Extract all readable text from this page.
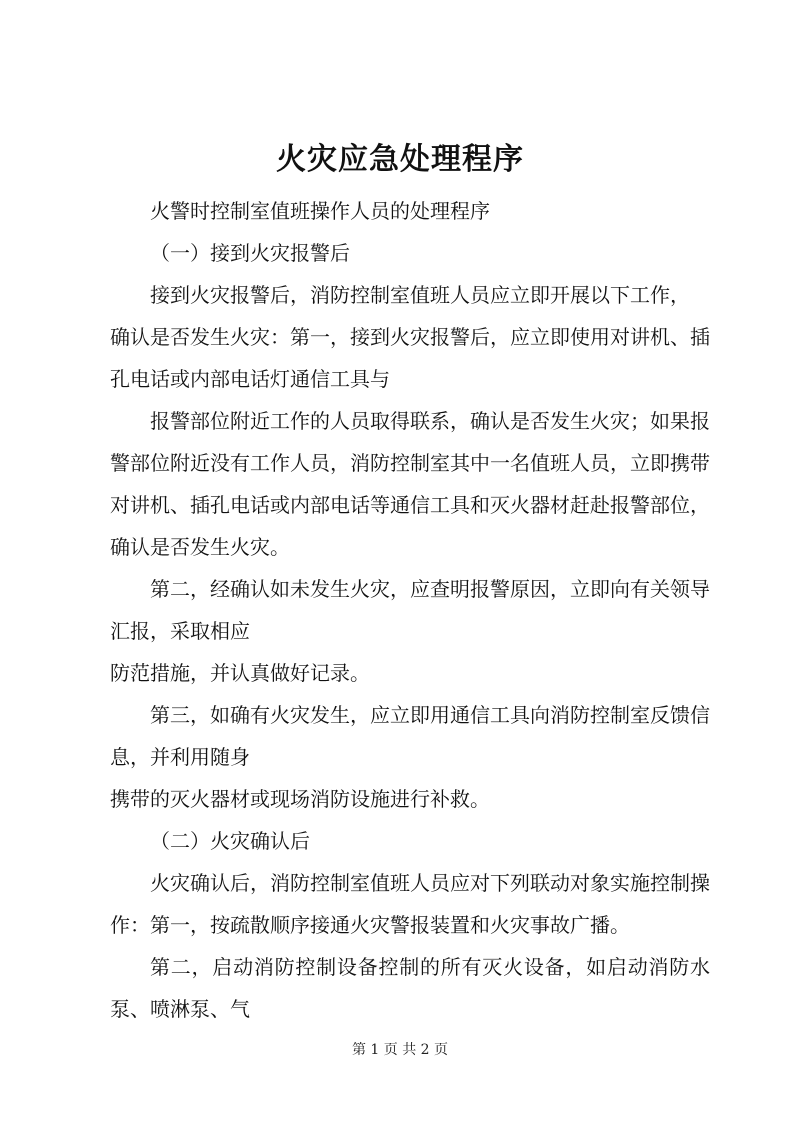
火灾应急处理程序

火警时控制室值班操作人员的处理程序

（一）接到火灾报警后

接到火灾报警后，消防控制室值班人员应立即开展以下工作，

确认是否发生火灾：第一，接到火灾报警后，应立即使用对讲机、插孔电话或内部电话灯通信工具与

报警部位附近工作的人员取得联系，确认是否发生火灾；如果报警部位附近没有工作人员，消防控制室其中一名值班人员，立即携带对讲机、插孔电话或内部电话等通信工具和灭火器材赶赴报警部位，确认是否发生火灾。

第二，经确认如未发生火灾，应查明报警原因，立即向有关领导汇报，采取相应

防范措施，并认真做好记录。

第三，如确有火灾发生，应立即用通信工具向消防控制室反馈信息，并利用随身

携带的灭火器材或现场消防设施进行补救。

（二）火灾确认后

火灾确认后，消防控制室值班人员应对下列联动对象实施控制操作：第一，按疏散顺序接通火灾警报装置和火灾事故广播。

第二，启动消防控制设备控制的所有灭火设备，如启动消防水泵、喷淋泵、气

第 1 页 共 2 页
